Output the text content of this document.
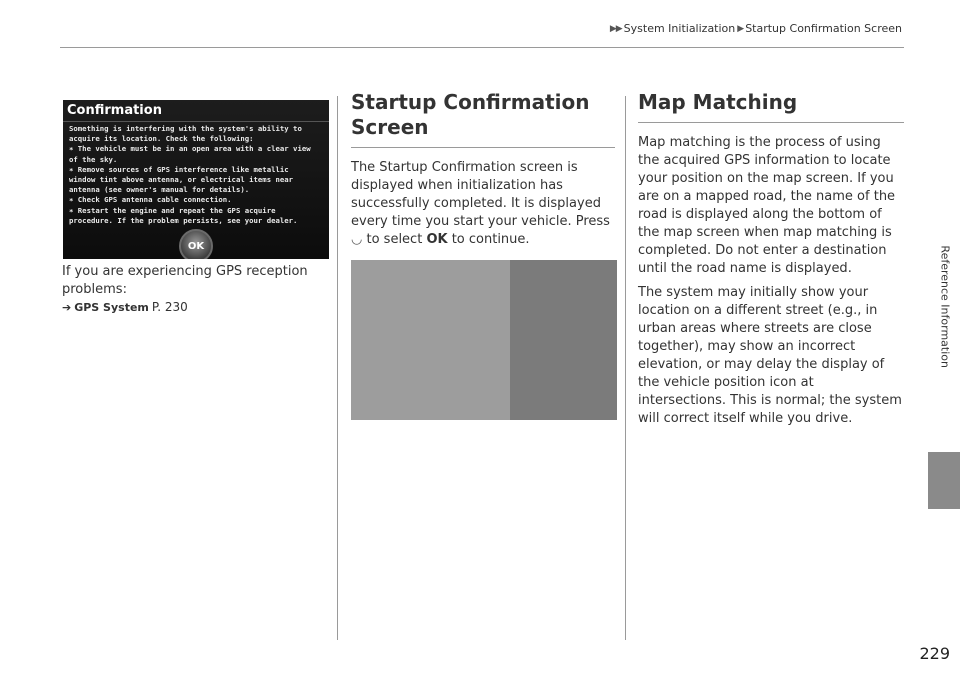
▶▶ System Initialization ▶ Startup Confirmation Screen
Confirmation
Something is interfering with the system's ability to
acquire its location. Check the following:
∗ The vehicle must be in an open area with a clear view
of the sky.
∗ Remove sources of GPS interference like metallic
window tint above antenna, or electrical items near
antenna (see owner's manual for details).
∗ Check GPS antenna cable connection.
∗ Restart the engine and repeat the GPS acquire
procedure. If the problem persists, see your dealer.
OK
If you are experiencing GPS reception problems:
➔ GPS System P. 230
Startup Confirmation Screen
The Startup Confirmation screen is displayed when initialization has successfully completed. It is displayed every time you start your vehicle. Press ◡ to select OK to continue.
Map Matching

Map matching is the process of using the acquired GPS information to locate your position on the map screen. If you are on a mapped road, the name of the road is displayed along the bottom of the map screen when map matching is completed. Do not enter a destination until the road name is displayed.

The system may initially show your location on a different street (e.g., in urban areas where streets are close together), may show an incorrect elevation, or may delay the display of the vehicle position icon at intersections. This is normal; the system will correct itself while you drive.

Reference Information
229
